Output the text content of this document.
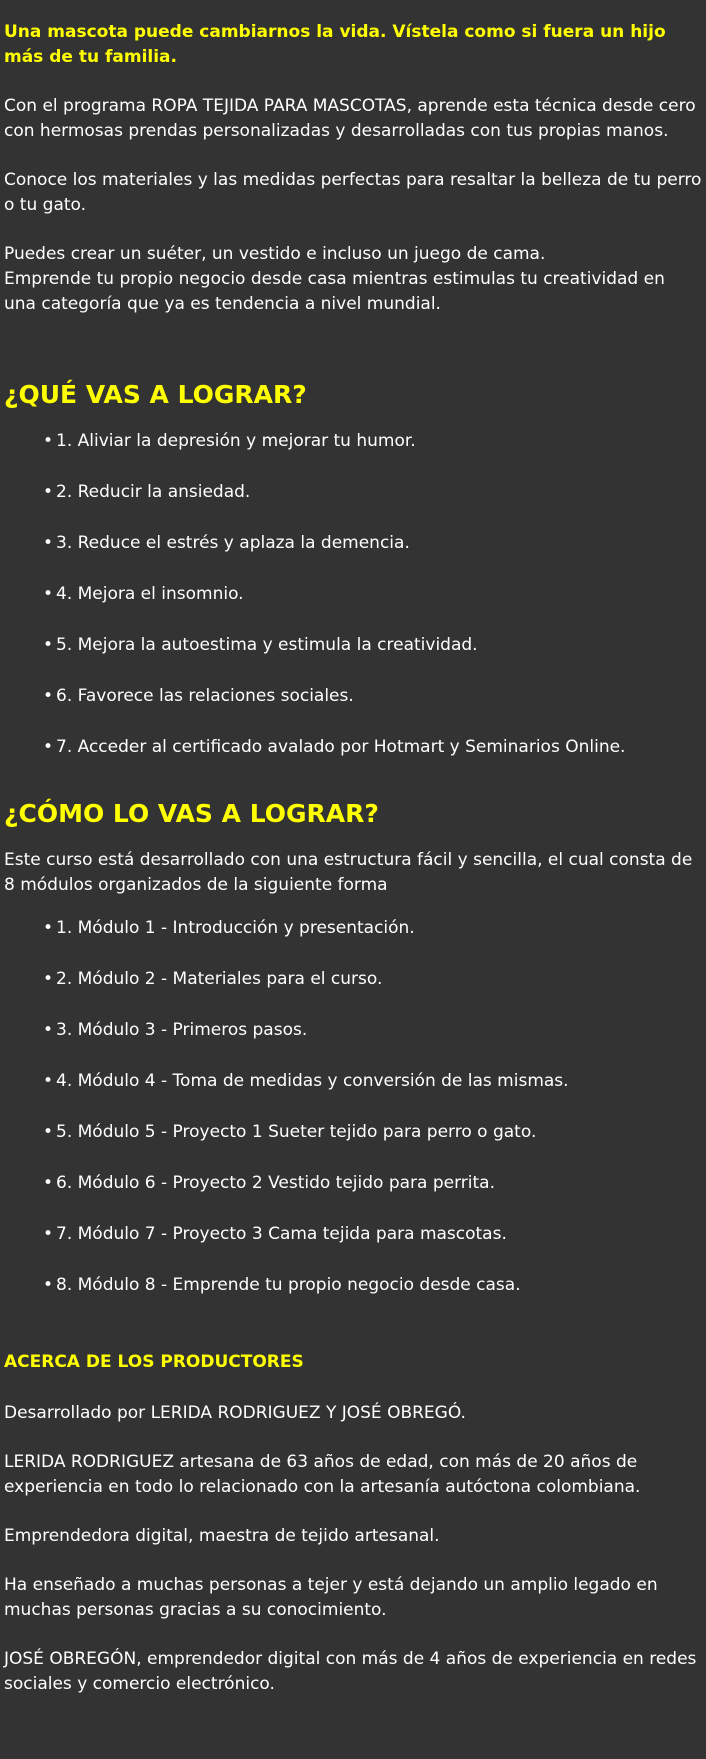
Una mascota puede cambiarnos la vida. Vístela como si fuera un hijo más de tu familia.

Con el programa ROPA TEJIDA PARA MASCOTAS, aprende esta técnica desde cero con hermosas prendas personalizadas y desarrolladas con tus propias manos.

Conoce los materiales y las medidas perfectas para resaltar la belleza de tu perro o tu gato.

Puedes crear un suéter, un vestido e incluso un juego de cama.
Emprende tu propio negocio desde casa mientras estimulas tu creatividad en una categoría que ya es tendencia a nivel mundial.

¿QUÉ VAS A LOGRAR?
• 1. Aliviar la depresión y mejorar tu humor.
• 2. Reducir la ansiedad.
• 3. Reduce el estrés y aplaza la demencia.
• 4. Mejora el insomnio.
• 5. Mejora la autoestima y estimula la creatividad.
• 6. Favorece las relaciones sociales.
• 7. Acceder al certificado avalado por Hotmart y Seminarios Online.
¿CÓMO LO VAS A LOGRAR?
Este curso está desarrollado con una estructura fácil y sencilla, el cual consta de 8 módulos organizados de la siguiente forma
• 1. Módulo 1 - Introducción y presentación.
• 2. Módulo 2 - Materiales para el curso.
• 3. Módulo 3 - Primeros pasos.
• 4. Módulo 4 - Toma de medidas y conversión de las mismas.
• 5. Módulo 5 - Proyecto 1 Sueter tejido para perro o gato.
• 6. Módulo 6 - Proyecto 2 Vestido tejido para perrita.
• 7. Módulo 7 - Proyecto 3 Cama tejida para mascotas.
• 8. Módulo 8 - Emprende tu propio negocio desde casa.
ACERCA DE LOS PRODUCTORES

Desarrollado por LERIDA RODRIGUEZ Y JOSÉ OBREGÓ.

LERIDA RODRIGUEZ artesana de 63 años de edad, con más de 20 años de experiencia en todo lo relacionado con la artesanía autóctona colombiana.

Emprendedora digital, maestra de tejido artesanal.

Ha enseñado a muchas personas a tejer y está dejando un amplio legado en muchas personas gracias a su conocimiento.

JOSÉ OBREGÓN, emprendedor digital con más de 4 años de experiencia en redes sociales y comercio electrónico.
